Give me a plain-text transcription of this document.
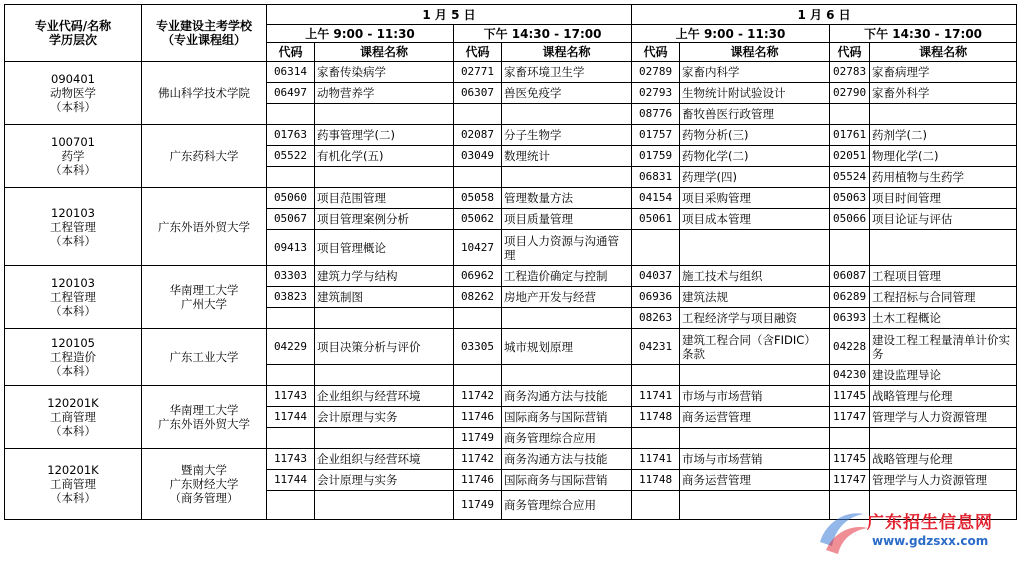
专业代码/名称
学历层次	专业建设主考学校
（专业课程组）	1 月 5 日				1 月 6 日			
		上午 9:00 - 11:30		下午 14:30 - 17:00		上午 9:00 - 11:30		下午 14:30 - 17:00	
		代码	课程名称	代码	课程名称	代码	课程名称	代码	课程名称
090401
动物医学
（本科）	佛山科学技术学院	06314	家畜传染病学	02771	家畜环境卫生学	02789	家畜内科学	02783	家畜病理学
		06497	动物营养学	06307	兽医免疫学	02793	生物统计附试验设计	02790	家畜外科学
						08776	畜牧兽医行政管理		
100701
药学
（本科）	广东药科大学	01763	药事管理学(二)	02087	分子生物学	01757	药物分析(三)	01761	药剂学(二)
		05522	有机化学(五)	03049	数理统计	01759	药物化学(二)	02051	物理化学(二)
						06831	药理学(四)	05524	药用植物与生药学
120103
工程管理
（本科）	广东外语外贸大学	05060	项目范围管理	05058	管理数量方法	04154	项目采购管理	05063	项目时间管理
		05067	项目管理案例分析	05062	项目质量管理	05061	项目成本管理	05066	项目论证与评估
		09413	项目管理概论	10427	项目人力资源与沟通管理				
120103
工程管理
（本科）	华南理工大学
广州大学	03303	建筑力学与结构	06962	工程造价确定与控制	04037	施工技术与组织	06087	工程项目管理
		03823	建筑制图	08262	房地产开发与经营	06936	建筑法规	06289	工程招标与合同管理
						08263	工程经济学与项目融资	06393	土木工程概论
120105
工程造价
（本科）	广东工业大学	04229	项目决策分析与评价	03305	城市规划原理	04231	建筑工程合同（含FIDIC）条款	04228	建设工程工程量清单计价实务
								04230	建设监理导论
120201K
工商管理
（本科）	华南理工大学
广东外语外贸大学	11743	企业组织与经营环境	11742	商务沟通方法与技能	11741	市场与市场营销	11745	战略管理与伦理
		11744	会计原理与实务	11746	国际商务与国际营销	11748	商务运营管理	11747	管理学与人力资源管理
				11749	商务管理综合应用				
120201K
工商管理
（本科）	暨南大学
广东财经大学
（商务管理）	11743	企业组织与经营环境	11742	商务沟通方法与技能	11741	市场与市场营销	11745	战略管理与伦理
		11744	会计原理与实务	11746	国际商务与国际营销	11748	商务运营管理	11747	管理学与人力资源管理
				11749	商务管理综合应用				
广东招生信息网
www.gdzsxx.com
